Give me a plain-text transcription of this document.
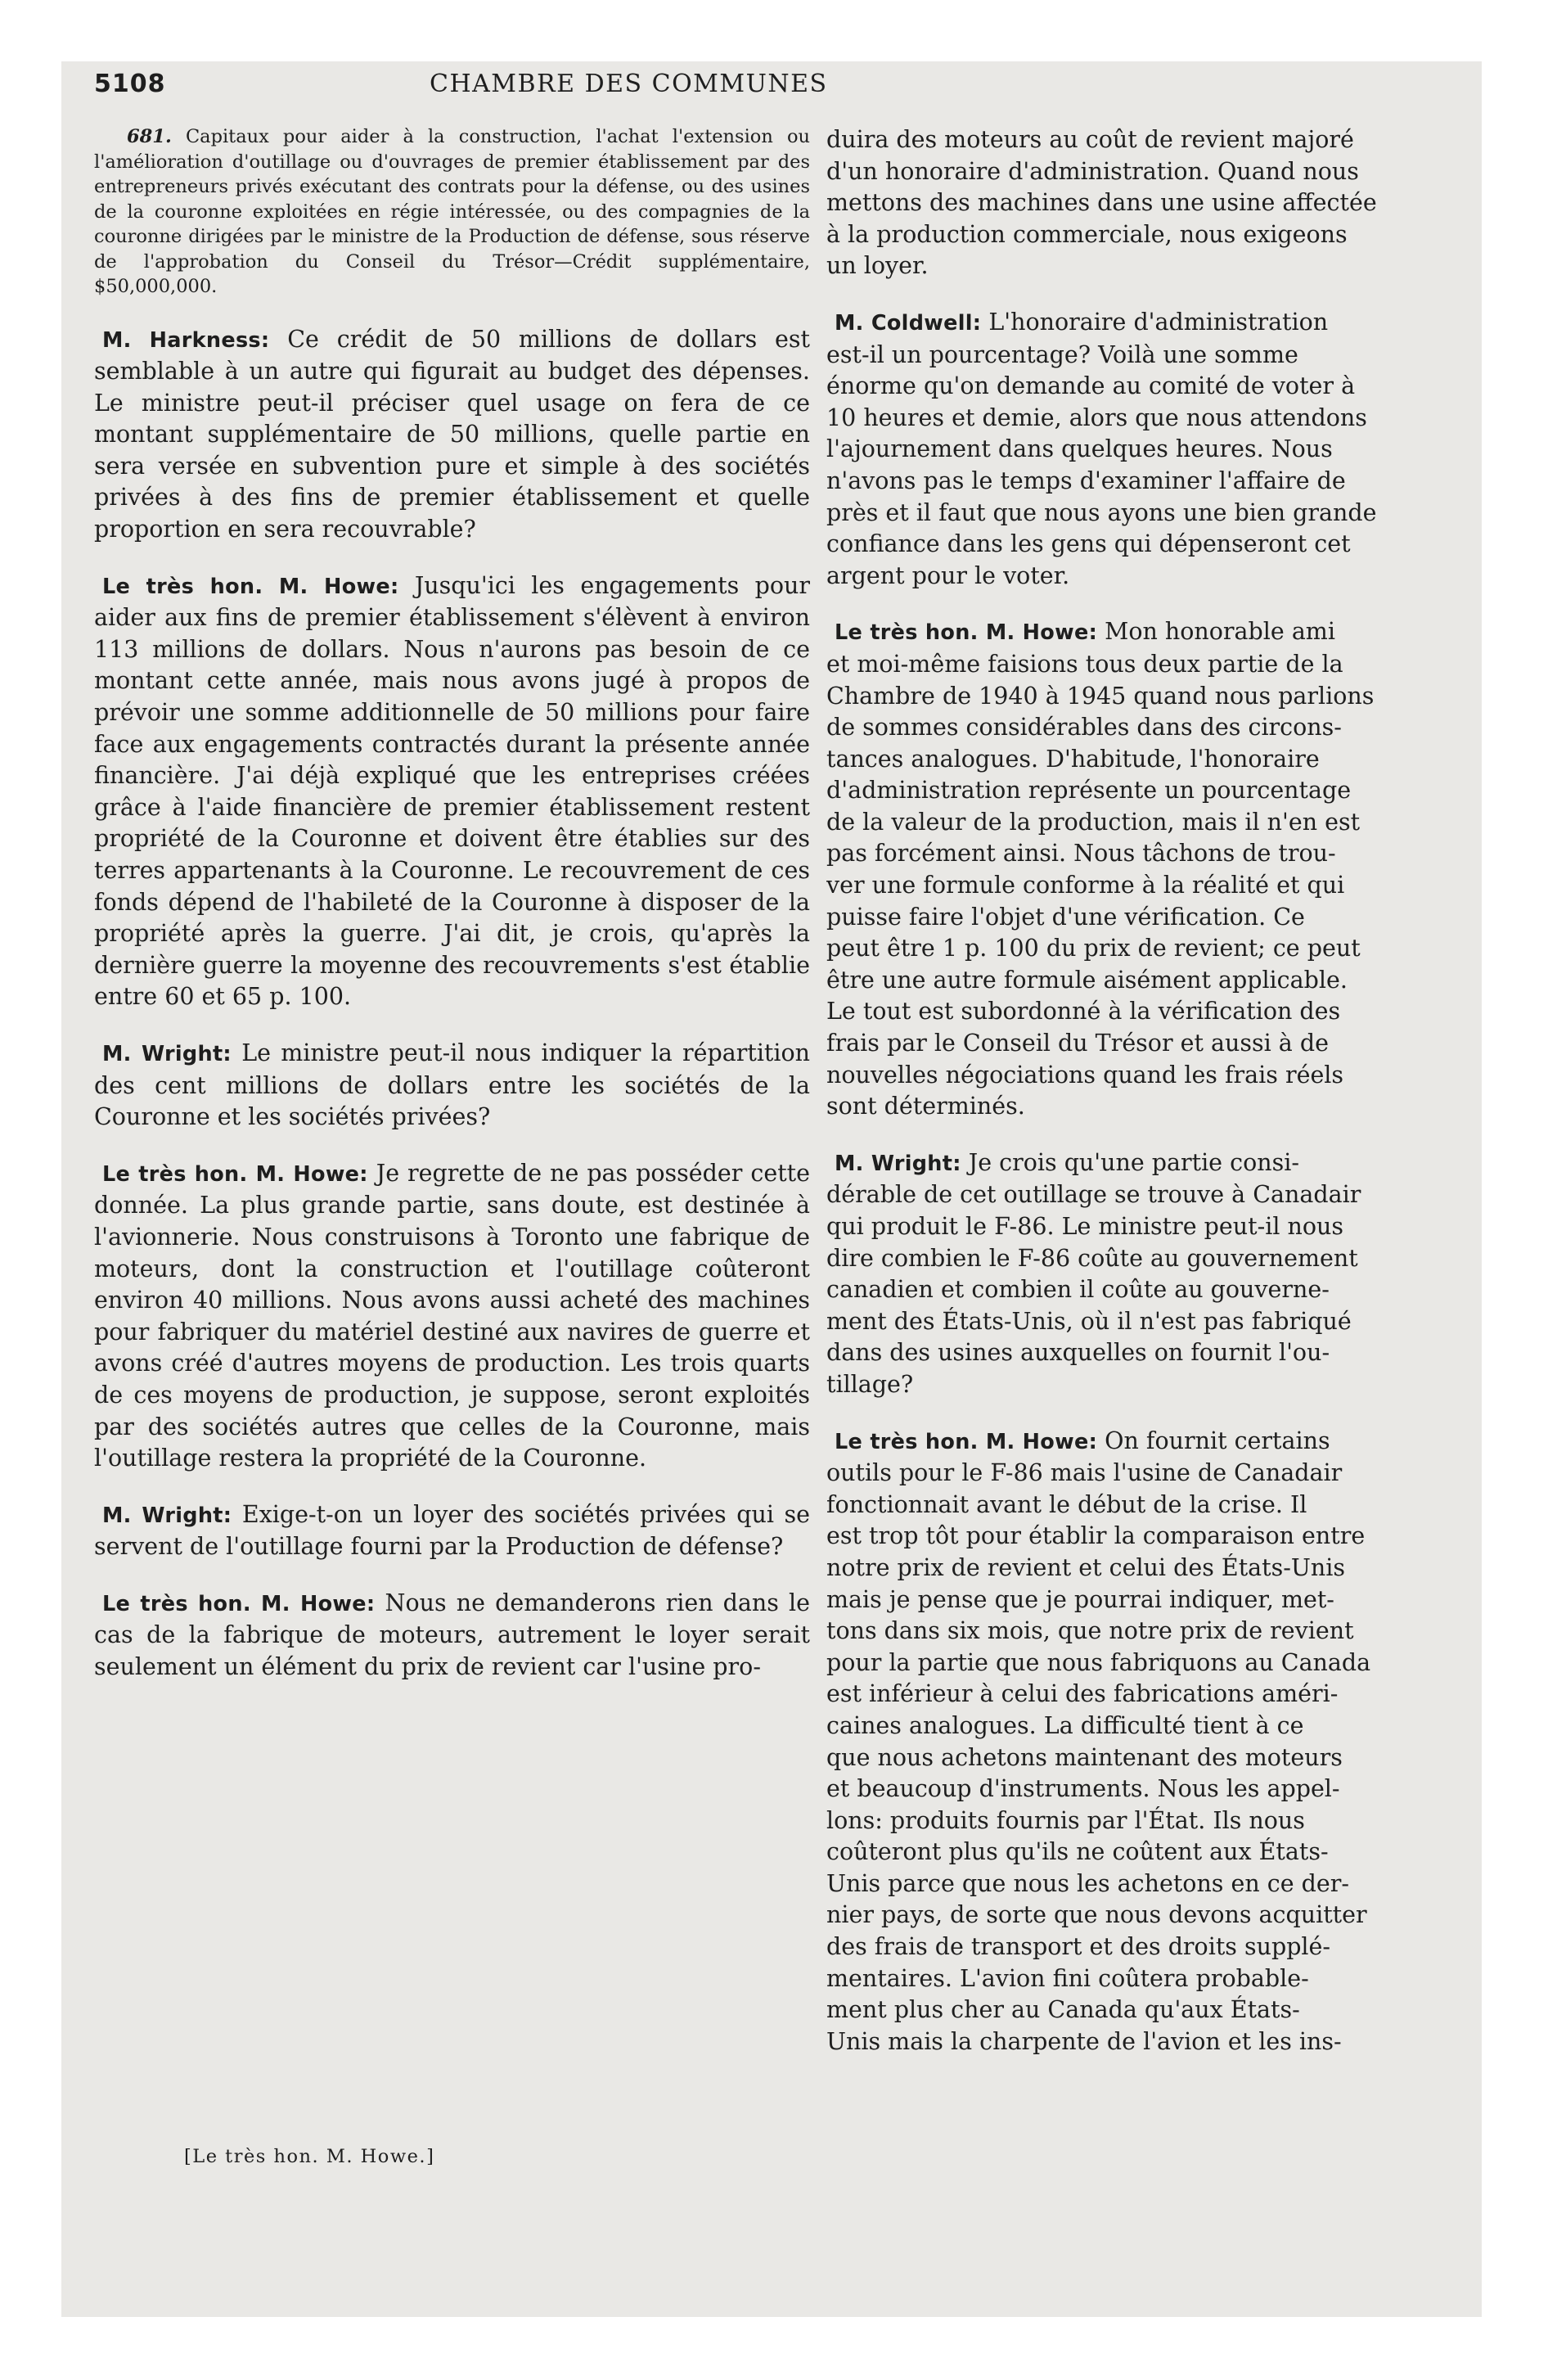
5108	CHAMBRE DES COMMUNES

681. Capitaux pour aider à la construction, l'achat l'extension ou l'amélioration d'outillage ou d'ouvrages de premier établissement par des entrepreneurs privés exécutant des contrats pour la défense, ou des usines de la couronne exploitées en régie intéressée, ou des compagnies de la couronne dirigées par le ministre de la Production de défense, sous réserve de l'approbation du Conseil du Trésor—Crédit supplémentaire, $50,000,000.

M. Harkness: Ce crédit de 50 millions de dollars est semblable à un autre qui figurait au budget des dépenses. Le ministre peut-il préciser quel usage on fera de ce montant supplémentaire de 50 millions, quelle partie en sera versée en subvention pure et simple à des sociétés privées à des fins de premier établissement et quelle proportion en sera recouvrable?

Le très hon. M. Howe: Jusqu'ici les engagements pour aider aux fins de premier établissement s'élèvent à environ 113 millions de dollars. Nous n'aurons pas besoin de ce montant cette année, mais nous avons jugé à propos de prévoir une somme additionnelle de 50 millions pour faire face aux engagements contractés durant la présente année financière. J'ai déjà expliqué que les entreprises créées grâce à l'aide financière de premier établissement restent propriété de la Couronne et doivent être établies sur des terres appartenants à la Couronne. Le recouvrement de ces fonds dépend de l'habileté de la Couronne à disposer de la propriété après la guerre. J'ai dit, je crois, qu'après la dernière guerre la moyenne des recouvrements s'est établie entre 60 et 65 p. 100.

M. Wright: Le ministre peut-il nous indiquer la répartition des cent millions de dollars entre les sociétés de la Couronne et les sociétés privées?

Le très hon. M. Howe: Je regrette de ne pas posséder cette donnée. La plus grande partie, sans doute, est destinée à l'avionnerie. Nous construisons à Toronto une fabrique de moteurs, dont la construction et l'outillage coûteront environ 40 millions. Nous avons aussi acheté des machines pour fabriquer du matériel destiné aux navires de guerre et avons créé d'autres moyens de production. Les trois quarts de ces moyens de production, je suppose, seront exploités par des sociétés autres que celles de la Couronne, mais l'outillage restera la propriété de la Couronne.

M. Wright: Exige-t-on un loyer des sociétés privées qui se servent de l'outillage fourni par la Production de défense?

Le très hon. M. Howe: Nous ne demanderons rien dans le cas de la fabrique de moteurs, autrement le loyer serait seulement un élément du prix de revient car l'usine pro-

[Le très hon. M. Howe.]

duira des moteurs au coût de revient majoré
d'un honoraire d'administration. Quand nous
mettons des machines dans une usine affectée
à la production commerciale, nous exigeons
un loyer.

M. Coldwell: L'honoraire d'administration
est-il un pourcentage? Voilà une somme
énorme qu'on demande au comité de voter à
10 heures et demie, alors que nous attendons
l'ajournement dans quelques heures. Nous
n'avons pas le temps d'examiner l'affaire de
près et il faut que nous ayons une bien grande
confiance dans les gens qui dépenseront cet
argent pour le voter.

Le très hon. M. Howe: Mon honorable ami
et moi-même faisions tous deux partie de la
Chambre de 1940 à 1945 quand nous parlions
de sommes considérables dans des circons-
tances analogues. D'habitude, l'honoraire
d'administration représente un pourcentage
de la valeur de la production, mais il n'en est
pas forcément ainsi. Nous tâchons de trou-
ver une formule conforme à la réalité et qui
puisse faire l'objet d'une vérification. Ce
peut être 1 p. 100 du prix de revient; ce peut
être une autre formule aisément applicable.
Le tout est subordonné à la vérification des
frais par le Conseil du Trésor et aussi à de
nouvelles négociations quand les frais réels
sont déterminés.

M. Wright: Je crois qu'une partie consi-
dérable de cet outillage se trouve à Canadair
qui produit le F-86. Le ministre peut-il nous
dire combien le F-86 coûte au gouvernement
canadien et combien il coûte au gouverne-
ment des États-Unis, où il n'est pas fabriqué
dans des usines auxquelles on fournit l'ou-
tillage?

Le très hon. M. Howe: On fournit certains
outils pour le F-86 mais l'usine de Canadair
fonctionnait avant le début de la crise. Il
est trop tôt pour établir la comparaison entre
notre prix de revient et celui des États-Unis
mais je pense que je pourrai indiquer, met-
tons dans six mois, que notre prix de revient
pour la partie que nous fabriquons au Canada
est inférieur à celui des fabrications améri-
caines analogues. La difficulté tient à ce
que nous achetons maintenant des moteurs
et beaucoup d'instruments. Nous les appel-
lons: produits fournis par l'État. Ils nous
coûteront plus qu'ils ne coûtent aux États-
Unis parce que nous les achetons en ce der-
nier pays, de sorte que nous devons acquitter
des frais de transport et des droits supplé-
mentaires. L'avion fini coûtera probable-
ment plus cher au Canada qu'aux États-
Unis mais la charpente de l'avion et les ins-
